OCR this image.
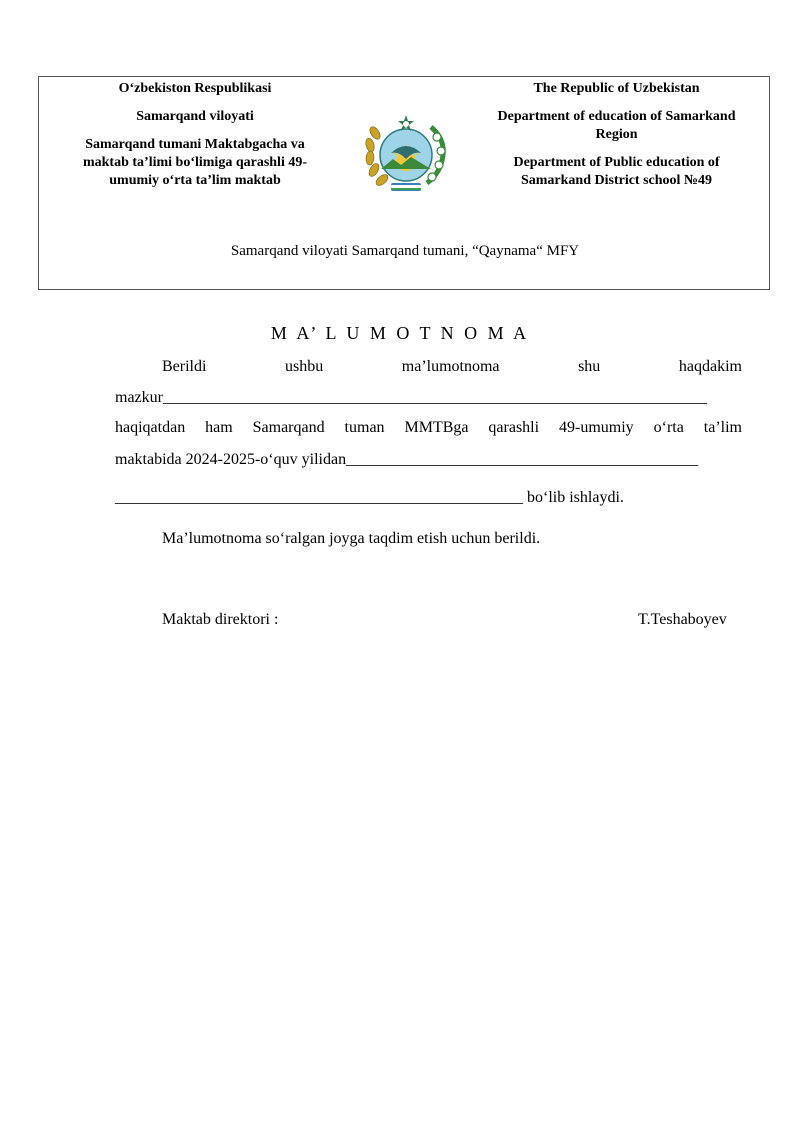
O‘zbekiston Respublikasi

Samarqand viloyati

Samarqand tumani Maktabgacha va maktab ta’limi bo‘limiga qarashli 49-umumiy o‘rta ta’lim maktab

The Republic of Uzbekistan

Department of education of Samarkand Region

Department of Public education of Samarkand District school №49

Samarqand viloyati Samarqand tumani, “Qaynama“ MFY
M A’ L U M O T N O M A
Berildi	ushbu	ma’lumotnoma	shu	haqdakim
mazkur____________________________________________________________________
haqiqatdan ham Samarqand tuman MMTBga qarashli 49-umumiy o‘rta ta’lim
maktabida 2024-2025-o‘quv yilidan____________________________________________
___________________________________________________ bo‘lib ishlaydi.
Ma’lumotnoma so‘ralgan joyga taqdim etish uchun berildi.
Maktab direktori :	T.Teshaboyev
